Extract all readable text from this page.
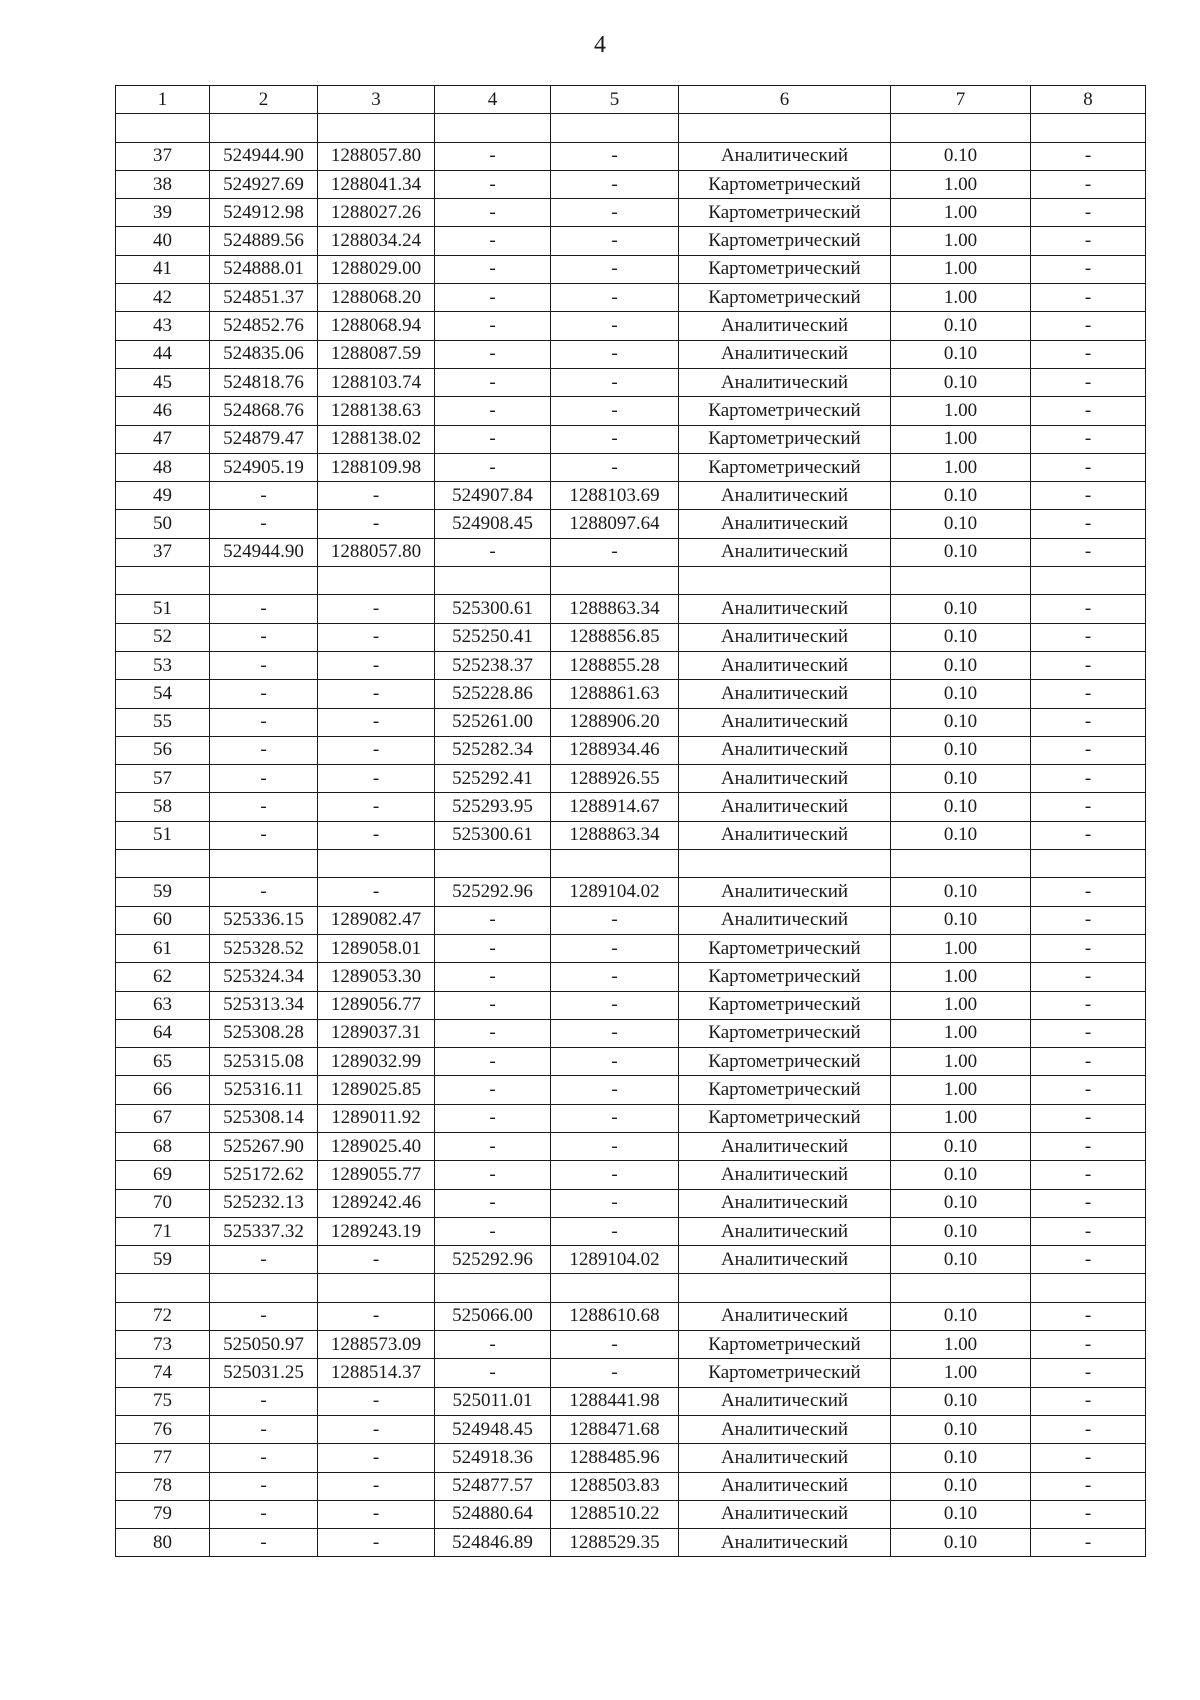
4
1	2	3	4	5	6	7	8

37	524944.90	1288057.80	-	-	Аналитический	0.10	-
38	524927.69	1288041.34	-	-	Картометрический	1.00	-
39	524912.98	1288027.26	-	-	Картометрический	1.00	-
40	524889.56	1288034.24	-	-	Картометрический	1.00	-
41	524888.01	1288029.00	-	-	Картометрический	1.00	-
42	524851.37	1288068.20	-	-	Картометрический	1.00	-
43	524852.76	1288068.94	-	-	Аналитический	0.10	-
44	524835.06	1288087.59	-	-	Аналитический	0.10	-
45	524818.76	1288103.74	-	-	Аналитический	0.10	-
46	524868.76	1288138.63	-	-	Картометрический	1.00	-
47	524879.47	1288138.02	-	-	Картометрический	1.00	-
48	524905.19	1288109.98	-	-	Картометрический	1.00	-
49	-	-	524907.84	1288103.69	Аналитический	0.10	-
50	-	-	524908.45	1288097.64	Аналитический	0.10	-
37	524944.90	1288057.80	-	-	Аналитический	0.10	-

51	-	-	525300.61	1288863.34	Аналитический	0.10	-
52	-	-	525250.41	1288856.85	Аналитический	0.10	-
53	-	-	525238.37	1288855.28	Аналитический	0.10	-
54	-	-	525228.86	1288861.63	Аналитический	0.10	-
55	-	-	525261.00	1288906.20	Аналитический	0.10	-
56	-	-	525282.34	1288934.46	Аналитический	0.10	-
57	-	-	525292.41	1288926.55	Аналитический	0.10	-
58	-	-	525293.95	1288914.67	Аналитический	0.10	-
51	-	-	525300.61	1288863.34	Аналитический	0.10	-

59	-	-	525292.96	1289104.02	Аналитический	0.10	-
60	525336.15	1289082.47	-	-	Аналитический	0.10	-
61	525328.52	1289058.01	-	-	Картометрический	1.00	-
62	525324.34	1289053.30	-	-	Картометрический	1.00	-
63	525313.34	1289056.77	-	-	Картометрический	1.00	-
64	525308.28	1289037.31	-	-	Картометрический	1.00	-
65	525315.08	1289032.99	-	-	Картометрический	1.00	-
66	525316.11	1289025.85	-	-	Картометрический	1.00	-
67	525308.14	1289011.92	-	-	Картометрический	1.00	-
68	525267.90	1289025.40	-	-	Аналитический	0.10	-
69	525172.62	1289055.77	-	-	Аналитический	0.10	-
70	525232.13	1289242.46	-	-	Аналитический	0.10	-
71	525337.32	1289243.19	-	-	Аналитический	0.10	-
59	-	-	525292.96	1289104.02	Аналитический	0.10	-

72	-	-	525066.00	1288610.68	Аналитический	0.10	-
73	525050.97	1288573.09	-	-	Картометрический	1.00	-
74	525031.25	1288514.37	-	-	Картометрический	1.00	-
75	-	-	525011.01	1288441.98	Аналитический	0.10	-
76	-	-	524948.45	1288471.68	Аналитический	0.10	-
77	-	-	524918.36	1288485.96	Аналитический	0.10	-
78	-	-	524877.57	1288503.83	Аналитический	0.10	-
79	-	-	524880.64	1288510.22	Аналитический	0.10	-
80	-	-	524846.89	1288529.35	Аналитический	0.10	-
